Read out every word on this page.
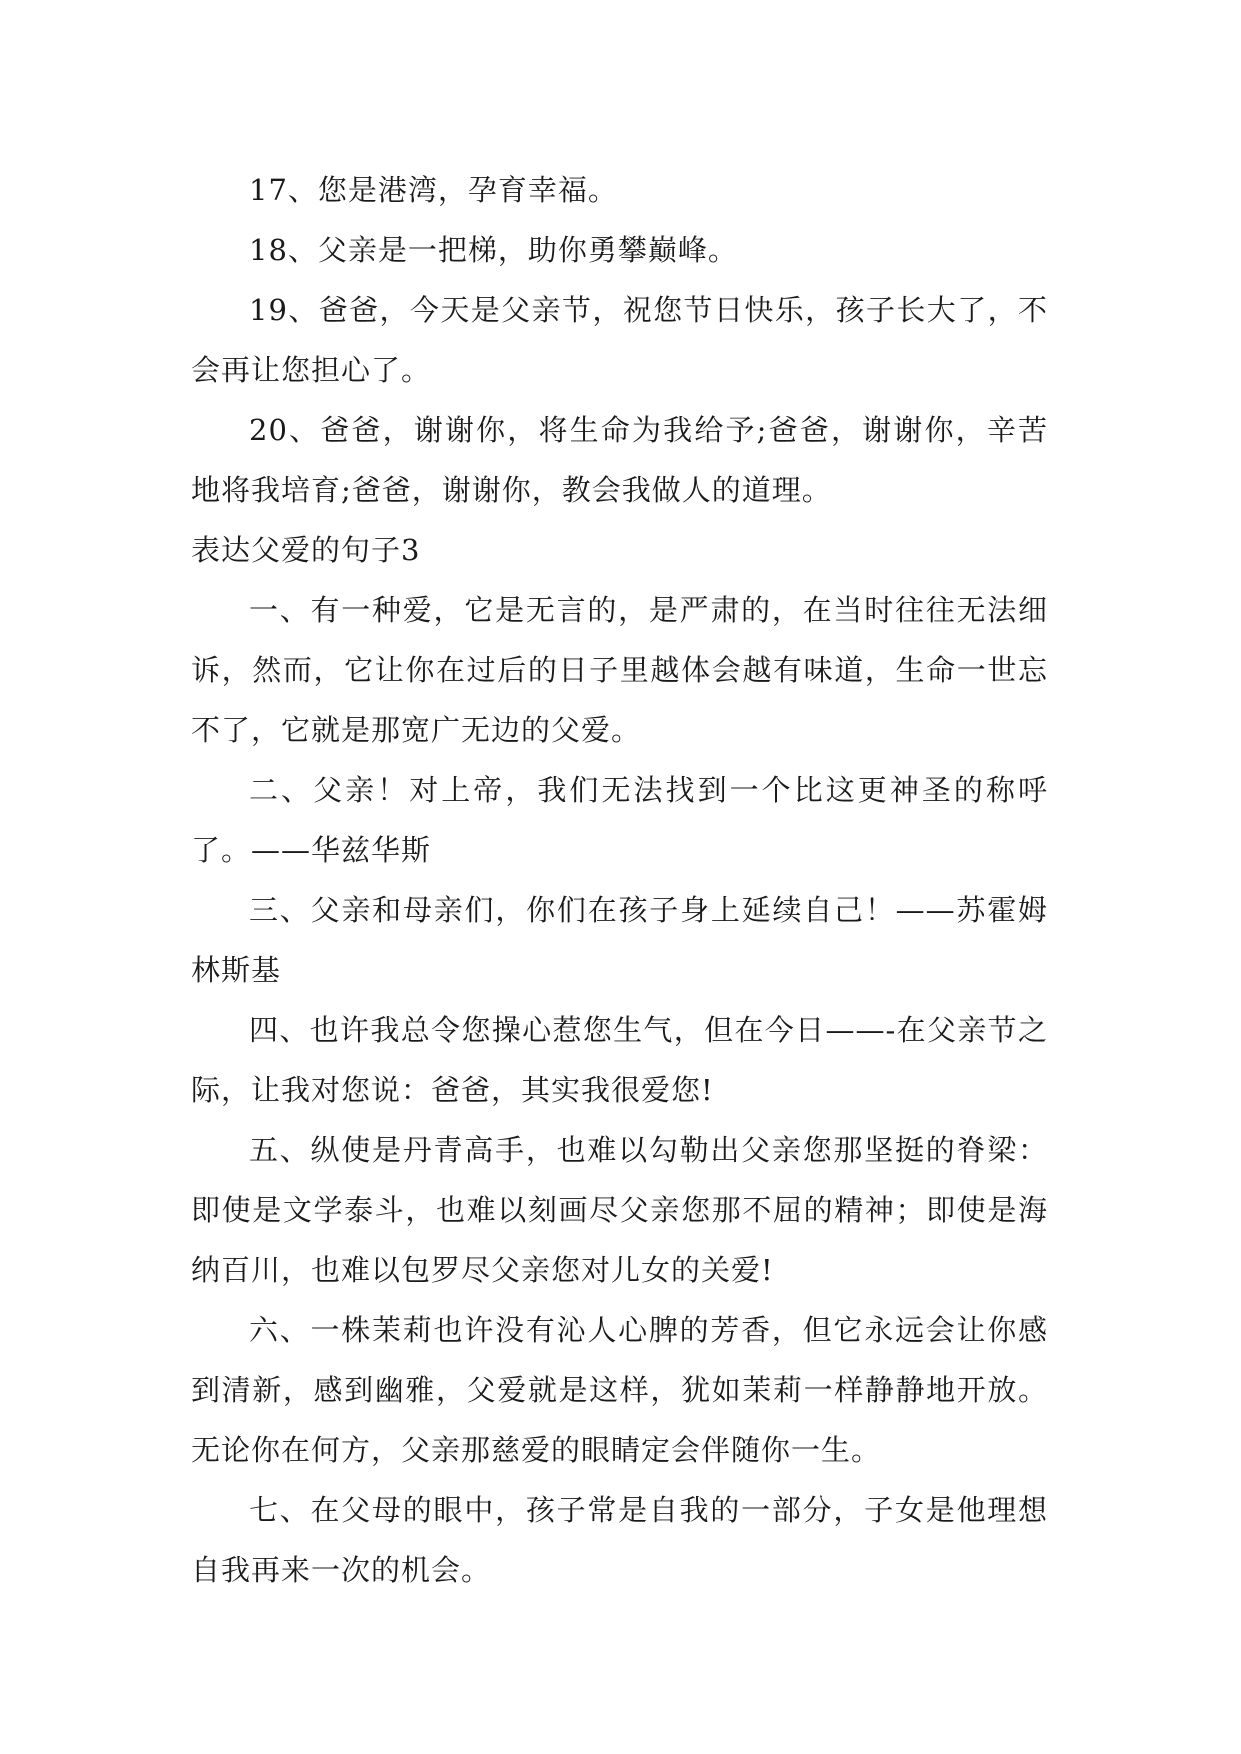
17、您是港湾，孕育幸福。

18、父亲是一把梯，助你勇攀巅峰。

19、爸爸，今天是父亲节，祝您节日快乐，孩子长大了，不会再让您担心了。

20、爸爸，谢谢你，将生命为我给予;爸爸，谢谢你，辛苦地将我培育;爸爸，谢谢你，教会我做人的道理。

表达父爱的句子3

一、有一种爱，它是无言的，是严肃的，在当时往往无法细诉，然而，它让你在过后的日子里越体会越有味道，生命一世忘不了，它就是那宽广无边的父爱。

二、父亲！对上帝，我们无法找到一个比这更神圣的称呼了。——华兹华斯

三、父亲和母亲们，你们在孩子身上延续自己！——苏霍姆林斯基

四、也许我总令您操心惹您生气，但在今日——-在父亲节之际，让我对您说：爸爸，其实我很爱您!

五、纵使是丹青高手，也难以勾勒出父亲您那坚挺的脊梁：即使是文学泰斗，也难以刻画尽父亲您那不屈的精神；即使是海纳百川，也难以包罗尽父亲您对儿女的关爱!

六、一株茉莉也许没有沁人心脾的芳香，但它永远会让你感到清新，感到幽雅，父爱就是这样，犹如茉莉一样静静地开放。无论你在何方，父亲那慈爱的眼睛定会伴随你一生。

七、在父母的眼中，孩子常是自我的一部分，子女是他理想自我再来一次的机会。
